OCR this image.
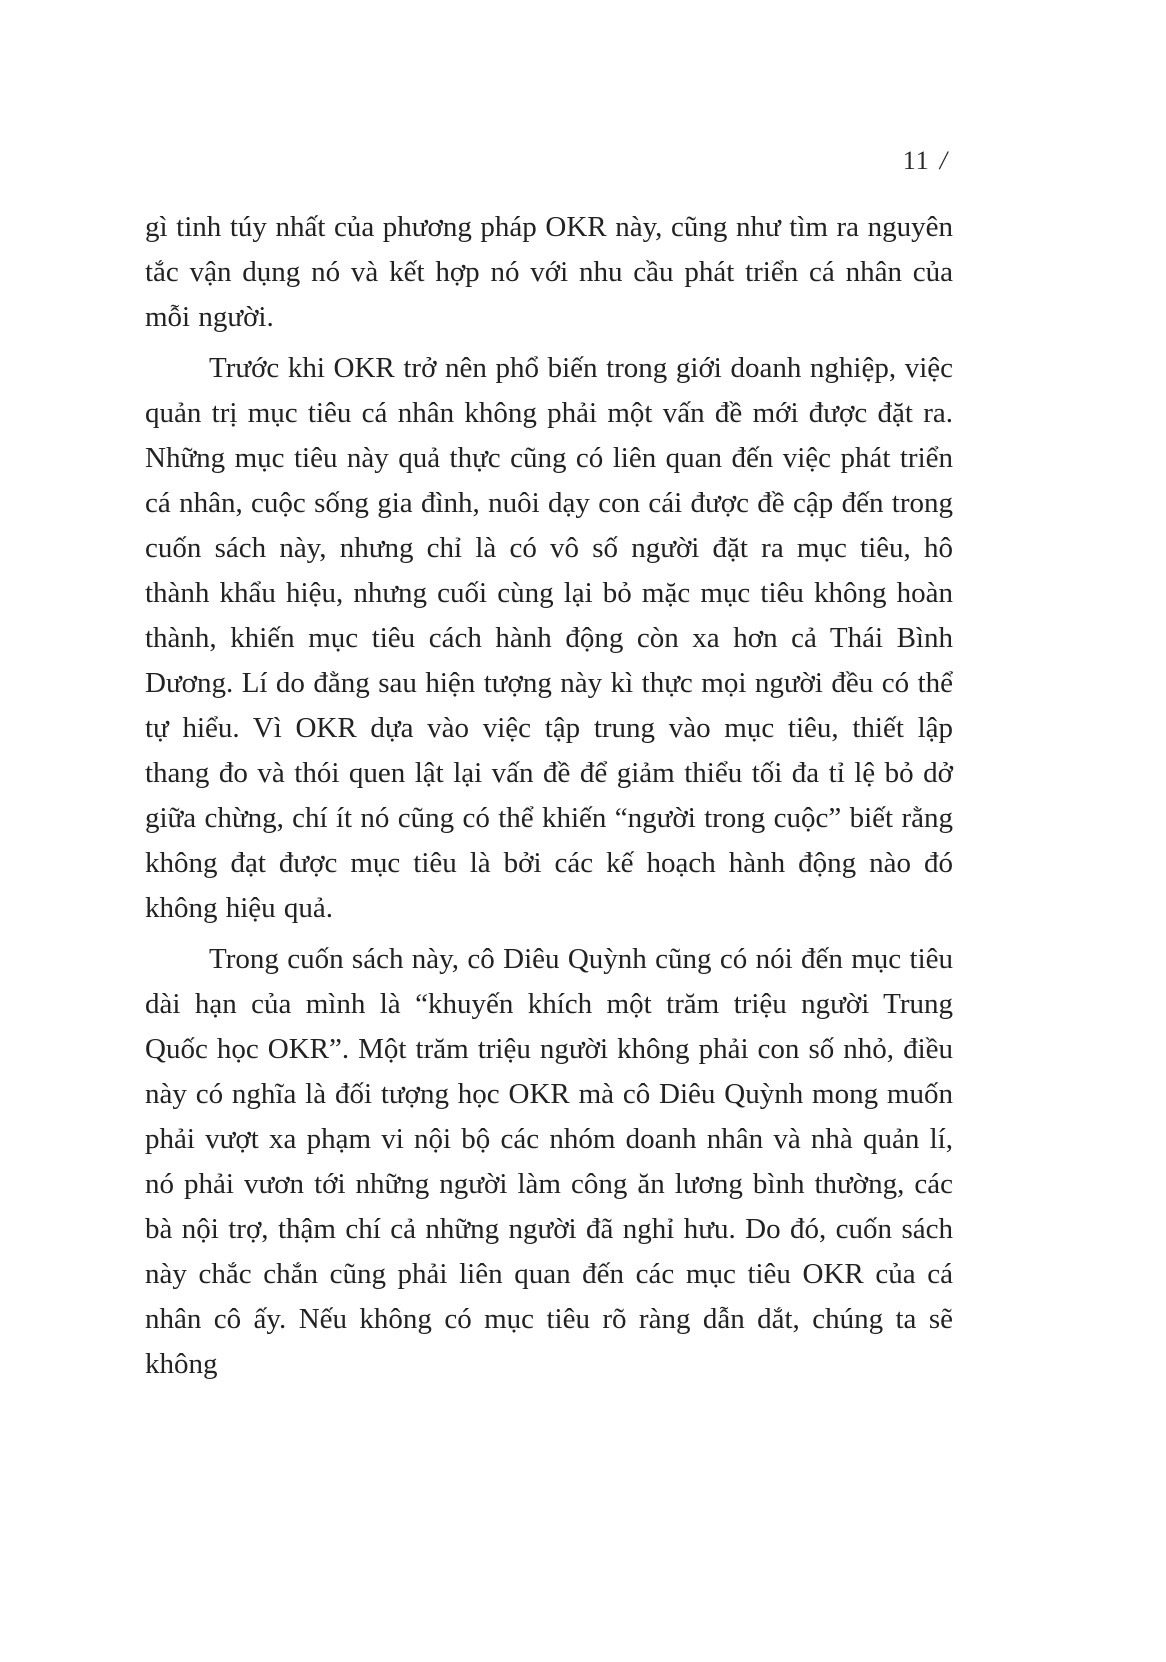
11 /

gì tinh túy nhất của phương pháp OKR này, cũng như tìm ra nguyên tắc vận dụng nó và kết hợp nó với nhu cầu phát triển cá nhân của mỗi người.

Trước khi OKR trở nên phổ biến trong giới doanh nghiệp, việc quản trị mục tiêu cá nhân không phải một vấn đề mới được đặt ra. Những mục tiêu này quả thực cũng có liên quan đến việc phát triển cá nhân, cuộc sống gia đình, nuôi dạy con cái được đề cập đến trong cuốn sách này, nhưng chỉ là có vô số người đặt ra mục tiêu, hô thành khẩu hiệu, nhưng cuối cùng lại bỏ mặc mục tiêu không hoàn thành, khiến mục tiêu cách hành động còn xa hơn cả Thái Bình Dương. Lí do đằng sau hiện tượng này kì thực mọi người đều có thể tự hiểu. Vì OKR dựa vào việc tập trung vào mục tiêu, thiết lập thang đo và thói quen lật lại vấn đề để giảm thiểu tối đa tỉ lệ bỏ dở giữa chừng, chí ít nó cũng có thể khiến “người trong cuộc” biết rằng không đạt được mục tiêu là bởi các kế hoạch hành động nào đó không hiệu quả.

Trong cuốn sách này, cô Diêu Quỳnh cũng có nói đến mục tiêu dài hạn của mình là “khuyến khích một trăm triệu người Trung Quốc học OKR”. Một trăm triệu người không phải con số nhỏ, điều này có nghĩa là đối tượng học OKR mà cô Diêu Quỳnh mong muốn phải vượt xa phạm vi nội bộ các nhóm doanh nhân và nhà quản lí, nó phải vươn tới những người làm công ăn lương bình thường, các bà nội trợ, thậm chí cả những người đã nghỉ hưu. Do đó, cuốn sách này chắc chắn cũng phải liên quan đến các mục tiêu OKR của cá nhân cô ấy. Nếu không có mục tiêu rõ ràng dẫn dắt, chúng ta sẽ không
